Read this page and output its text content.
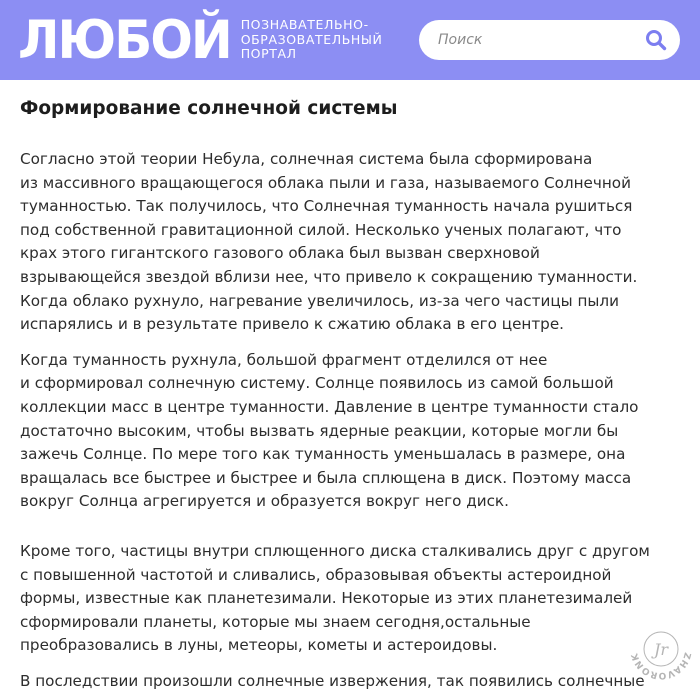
ЛЮБОЙ ПОЗНАВАТЕЛЬНО-
ОБРАЗОВАТЕЛЬНЫЙ
ПОРТАЛ
Поиск
Формирование солнечной системы

Согласно этой теории Небула, солнечная система была сформирована
из массивного вращающегося облака пыли и газа, называемого Солнечной
туманностью. Так получилось, что Солнечная туманность начала рушиться
под собственной гравитационной силой. Несколько ученых полагают, что
крах этого гигантского газового облака был вызван сверхновой
взрывающейся звездой вблизи нее, что привело к сокращению туманности.
Когда облако рухнуло, нагревание увеличилось, из-за чего частицы пыли
испарялись и в результате привело к сжатию облака в его центре.

Когда туманность рухнула, большой фрагмент отделился от нее
и сформировал солнечную систему. Солнце появилось из самой большой
коллекции масс в центре туманности. Давление в центре туманности стало
достаточно высоким, чтобы вызвать ядерные реакции, которые могли бы
зажечь Солнце. По мере того как туманность уменьшалась в размере, она
вращалась все быстрее и быстрее и была сплющена в диск. Поэтому масса
вокруг Солнца агрегируется и образуется вокруг него диск.

Кроме того, частицы внутри сплющенного диска сталкивались друг с другом
с повышенной частотой и сливались, образовывая объекты астероидной
формы, известные как планетезимали. Некоторые из этих планетезималей
сформировали планеты, которые мы знаем сегодня,остальные
преобразовались в луны, метеоры, кометы и астероидовы.

В последствии произошли солнечные извержения, так появились солнечные

ZHAVORONK Jr
